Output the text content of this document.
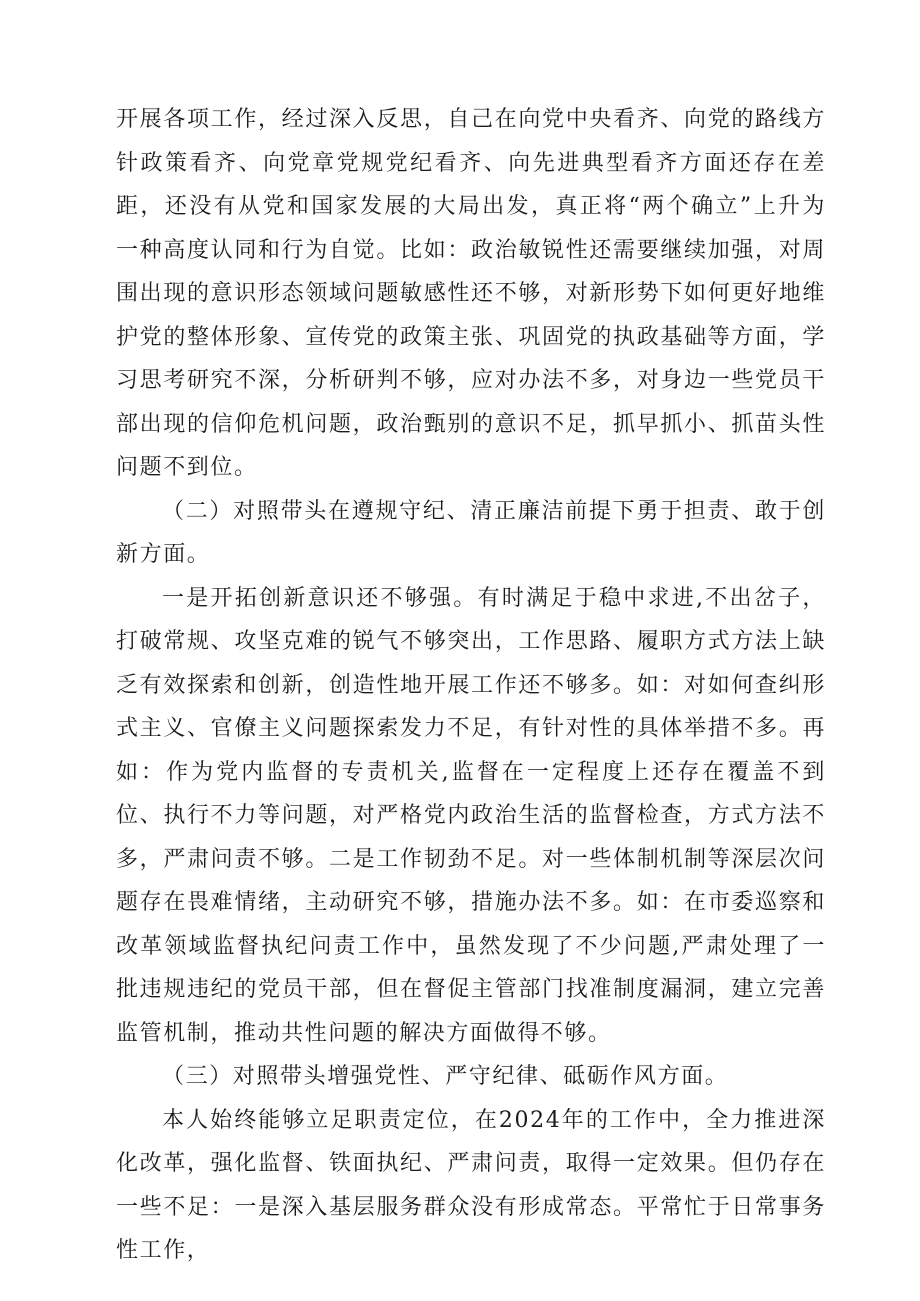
开展各项工作，经过深入反思，自己在向党中央看齐、向党的路线方针政策看齐、向党章党规党纪看齐、向先进典型看齐方面还存在差距，还没有从党和国家发展的大局出发，真正将“两个确立”上升为一种高度认同和行为自觉。比如：政治敏锐性还需要继续加强，对周围出现的意识形态领域问题敏感性还不够，对新形势下如何更好地维护党的整体形象、宣传党的政策主张、巩固党的执政基础等方面，学习思考研究不深，分析研判不够，应对办法不多，对身边一些党员干部出现的信仰危机问题，政治甄别的意识不足，抓早抓小、抓苗头性问题不到位。

（二）对照带头在遵规守纪、清正廉洁前提下勇于担责、敢于创新方面。

一是开拓创新意识还不够强。有时满足于稳中求进,不出岔子，打破常规、攻坚克难的锐气不够突出，工作思路、履职方式方法上缺乏有效探索和创新，创造性地开展工作还不够多。如：对如何查纠形式主义、官僚主义问题探索发力不足，有针对性的具体举措不多。再如：作为党内监督的专责机关,监督在一定程度上还存在覆盖不到位、执行不力等问题，对严格党内政治生活的监督检查，方式方法不多，严肃问责不够。二是工作韧劲不足。对一些体制机制等深层次问题存在畏难情绪，主动研究不够，措施办法不多。如：在市委巡察和改革领域监督执纪问责工作中，虽然发现了不少问题,严肃处理了一批违规违纪的党员干部，但在督促主管部门找准制度漏洞，建立完善监管机制，推动共性问题的解决方面做得不够。

（三）对照带头增强党性、严守纪律、砥砺作风方面。

本人始终能够立足职责定位，在2024年的工作中，全力推进深化改革，强化监督、铁面执纪、严肃问责，取得一定效果。但仍存在一些不足：一是深入基层服务群众没有形成常态。平常忙于日常事务性工作，
